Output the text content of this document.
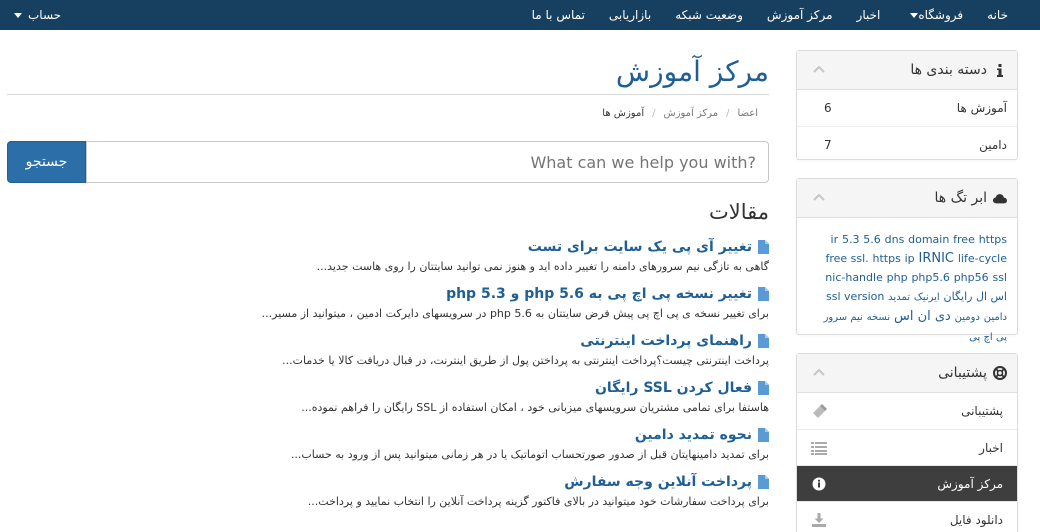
خانه
فروشگاه
اخبار
مرکز آموزش
وضعیت شبکه
بازاریابی
تماس با ما
حساب
دسته بندی ها
آموزش ها
6
دامین
7
ابر تگ ها
ir 5.3 5.6 dns domain free https free ssl. https ip IRNIC life-cycle nic-handle php php5.6 php56 ssl ssl version	اس ال رایگان ایرنیک تمدید دامین دومین دی ان اس نسخه نیم سرور پی اچ پی
پشتیبانی
پشتیبانی
اخبار
مرکز آموزش
دانلود فایل
مرکز آموزش
اعضا
/
مرکز آموزش
/
آموزش ها
What can we help you with?
جستجو
مقالات
تغییر آی پی یک سایت برای تست
گاهی به تازگی نیم سرورهای دامنه را تغییر داده اید و هنوز نمی توانید سایتتان را روی هاست جدید...
تغییر نسخه پی اچ پی به php 5.6 و php 5.3
برای تغییر نسخه ی پی اچ پی پیش فرض سایتتان به php 5.6 در سرویسهای دایرکت ادمین ، میتوانید از مسیر...
راهنمای پرداخت اینترنتی
پرداخت اینترنتی چیست؟پرداخت اینترنتی به پرداختن پول از طریق اینترنت، در قبال دریافت کالا یا خدمات...
فعال کردن SSL رایگان
هاستفا برای تمامی مشتریان سرویسهای میزبانی خود ، امکان استفاده از SSL رایگان را فراهم نموده...
نحوه تمدید دامین
برای تمدید دامینهایتان قبل از صدور صورتحساب اتوماتیک یا در هر زمانی میتوانید پس از ورود به حساب...
پرداخت آنلاین وجه سفارش
برای پرداخت سفارشات خود میتوانید در بالای فاکتور گزینه پرداخت آنلاین را انتخاب نمایید و پرداخت...
